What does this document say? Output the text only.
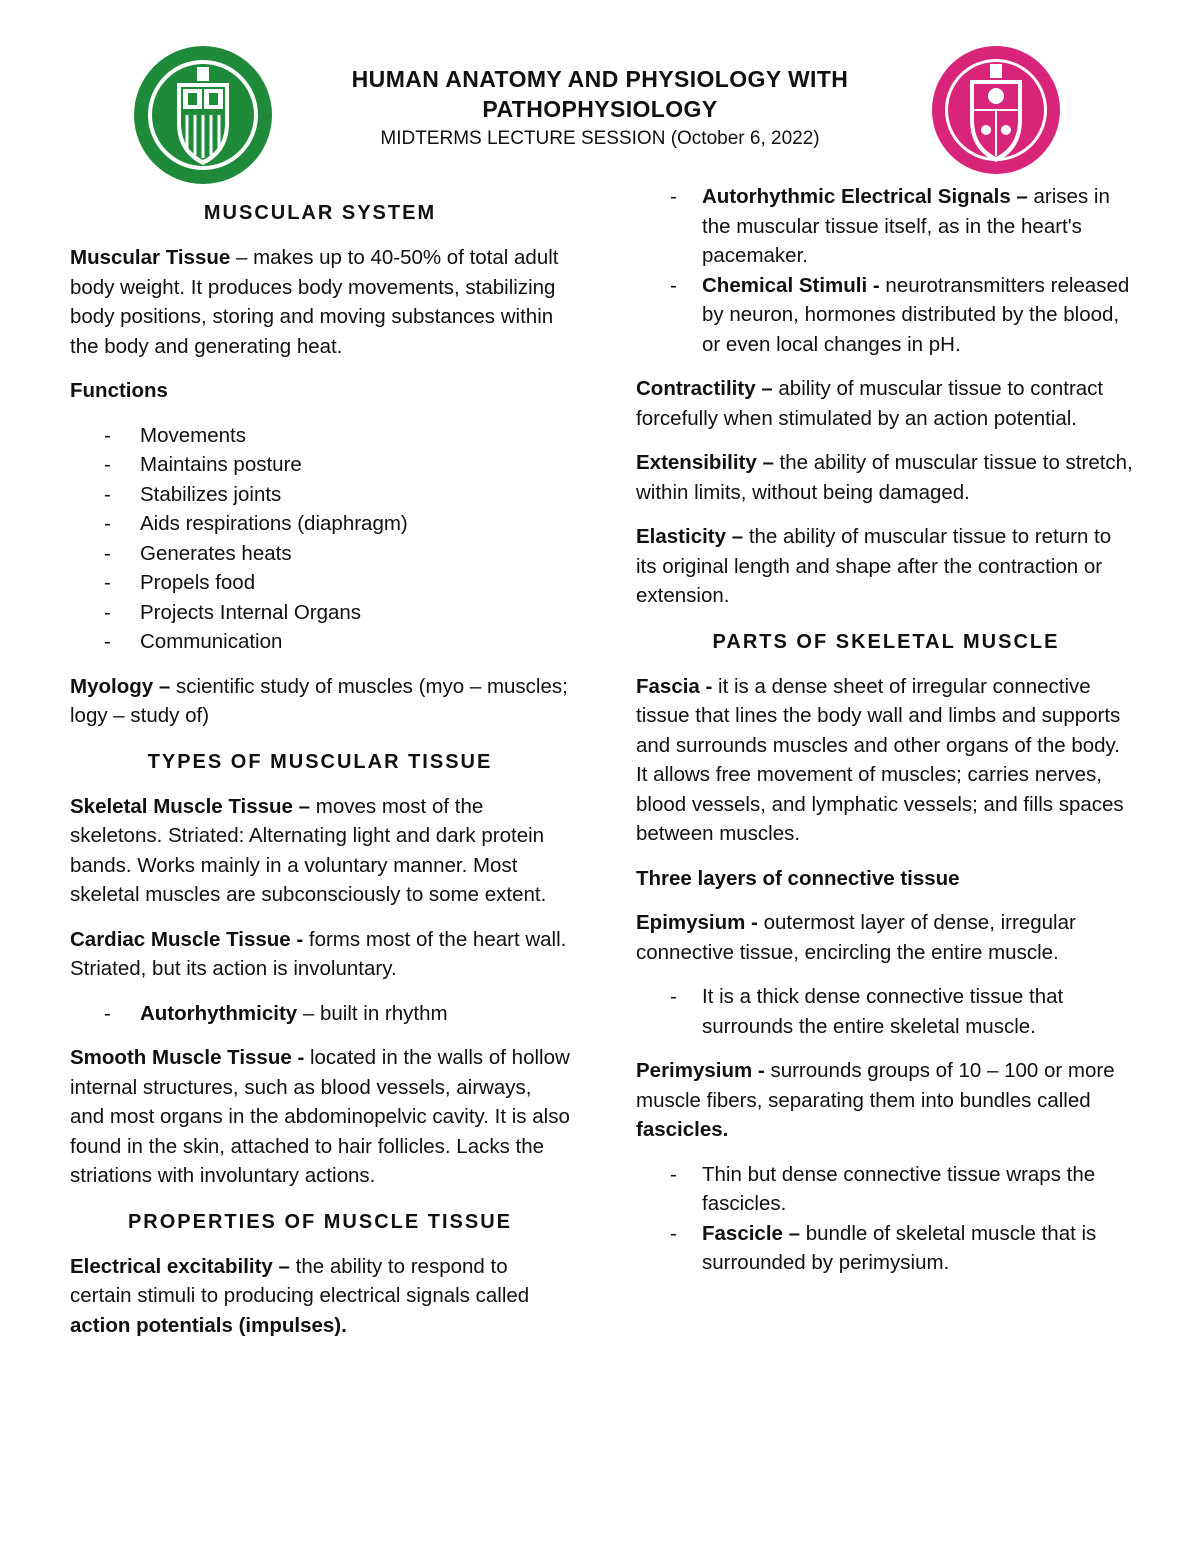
HUMAN ANATOMY AND PHYSIOLOGY WITH PATHOPHYSIOLOGY
MIDTERMS LECTURE SESSION (October 6, 2022)

MUSCULAR SYSTEM

Muscular Tissue – makes up to 40-50% of total adult body weight. It produces body movements, stabilizing body positions, storing and moving substances within the body and generating heat.

Functions

- Movements
- Maintains posture
- Stabilizes joints
- Aids respirations (diaphragm)
- Generates heats
- Propels food
- Projects Internal Organs
- Communication

Myology – scientific study of muscles (myo – muscles; logy – study of)

TYPES OF MUSCULAR TISSUE

Skeletal Muscle Tissue – moves most of the skeletons. Striated: Alternating light and dark protein bands. Works mainly in a voluntary manner. Most skeletal muscles are subconsciously to some extent.

Cardiac Muscle Tissue - forms most of the heart wall. Striated, but its action is involuntary.

- Autorhythmicity – built in rhythm

Smooth Muscle Tissue - located in the walls of hollow internal structures, such as blood vessels, airways, and most organs in the abdominopelvic cavity. It is also found in the skin, attached to hair follicles. Lacks the striations with involuntary actions.

PROPERTIES OF MUSCLE TISSUE

Electrical excitability – the ability to respond to certain stimuli to producing electrical signals called action potentials (impulses).

- Autorhythmic Electrical Signals – arises in the muscular tissue itself, as in the heart's pacemaker.
- Chemical Stimuli - neurotransmitters released by neuron, hormones distributed by the blood, or even local changes in pH.

Contractility – ability of muscular tissue to contract forcefully when stimulated by an action potential.

Extensibility – the ability of muscular tissue to stretch, within limits, without being damaged.

Elasticity – the ability of muscular tissue to return to its original length and shape after the contraction or extension.

PARTS OF SKELETAL MUSCLE

Fascia - it is a dense sheet of irregular connective tissue that lines the body wall and limbs and supports and surrounds muscles and other organs of the body. It allows free movement of muscles; carries nerves, blood vessels, and lymphatic vessels; and fills spaces between muscles.

Three layers of connective tissue

Epimysium - outermost layer of dense, irregular connective tissue, encircling the entire muscle.

- It is a thick dense connective tissue that surrounds the entire skeletal muscle.

Perimysium - surrounds groups of 10 – 100 or more muscle fibers, separating them into bundles called fascicles.

- Thin but dense connective tissue wraps the fascicles.
- Fascicle – bundle of skeletal muscle that is surrounded by perimysium.
